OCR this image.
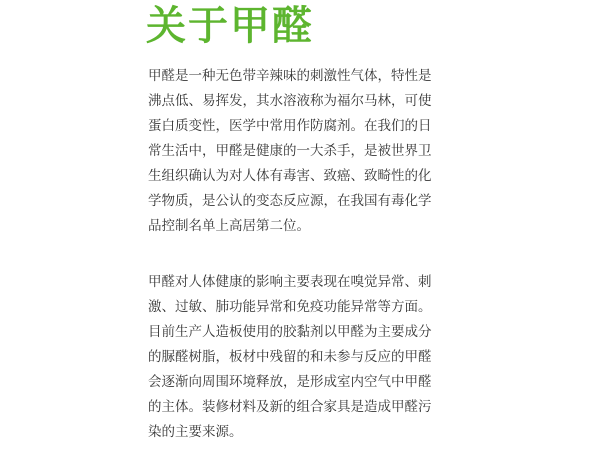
关于甲醛
甲醛是一种无色带辛辣味的刺激性气体，特性是
沸点低、易挥发，其水溶液称为福尔马林，可使
蛋白质变性，医学中常用作防腐剂。在我们的日
常生活中，甲醛是健康的一大杀手，是被世界卫
生组织确认为对人体有毒害、致癌、致畸性的化
学物质，是公认的变态反应源，在我国有毒化学
品控制名单上高居第二位。
甲醛对人体健康的影响主要表现在嗅觉异常、刺
激、过敏、肺功能异常和免疫功能异常等方面。
目前生产人造板使用的胶黏剂以甲醛为主要成分
的脲醛树脂，板材中残留的和未参与反应的甲醛
会逐渐向周围环境释放，是形成室内空气中甲醛
的主体。装修材料及新的组合家具是造成甲醛污
染的主要来源。
